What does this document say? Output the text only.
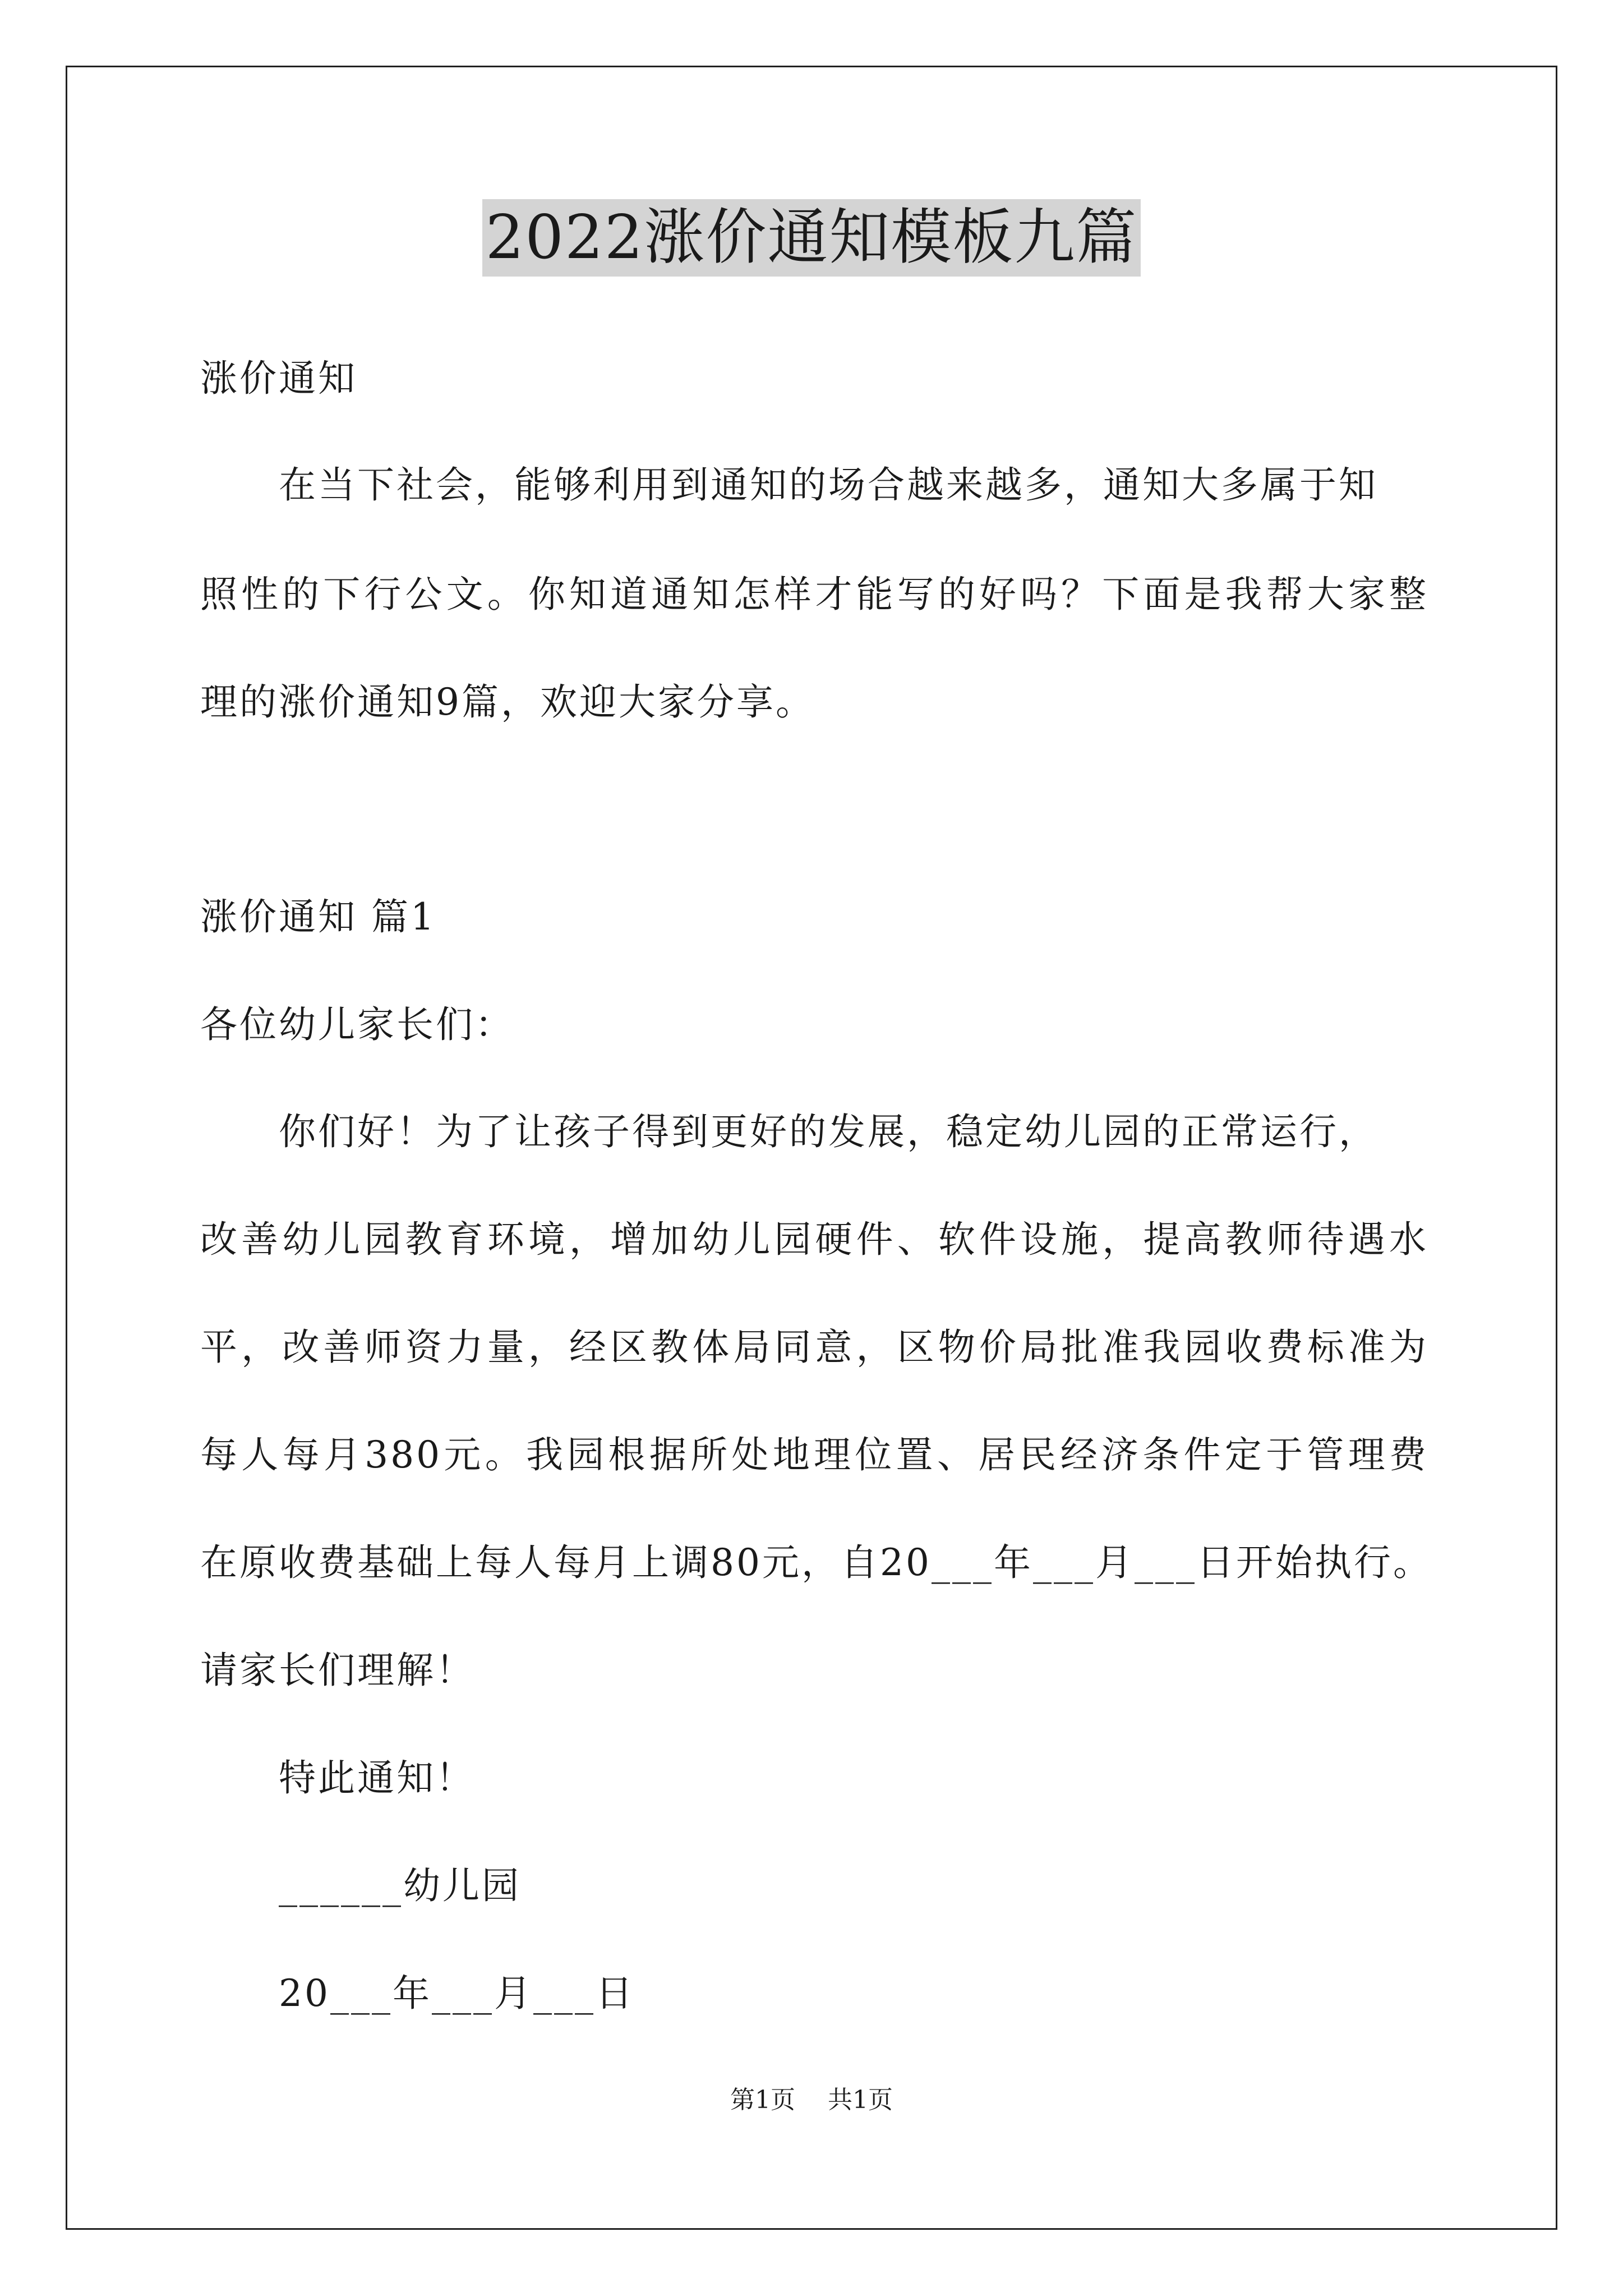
2022涨价通知模板九篇
涨价通知
在当下社会，能够利用到通知的场合越来越多，通知大多属于知
照性的下行公文。你知道通知怎样才能写的好吗？下面是我帮大家整
理的涨价通知9篇，欢迎大家分享。
涨价通知 篇1
各位幼儿家长们：
你们好！为了让孩子得到更好的发展，稳定幼儿园的正常运行，
改善幼儿园教育环境，增加幼儿园硬件、软件设施，提高教师待遇水
平，改善师资力量，经区教体局同意，区物价局批准我园收费标准为
每人每月380元。我园根据所处地理位置、居民经济条件定于管理费
在原收费基础上每人每月上调80元，自20___年___月___日开始执行。
请家长们理解！
特此通知！
______幼儿园
20___年___月___日
第1页 共1页
